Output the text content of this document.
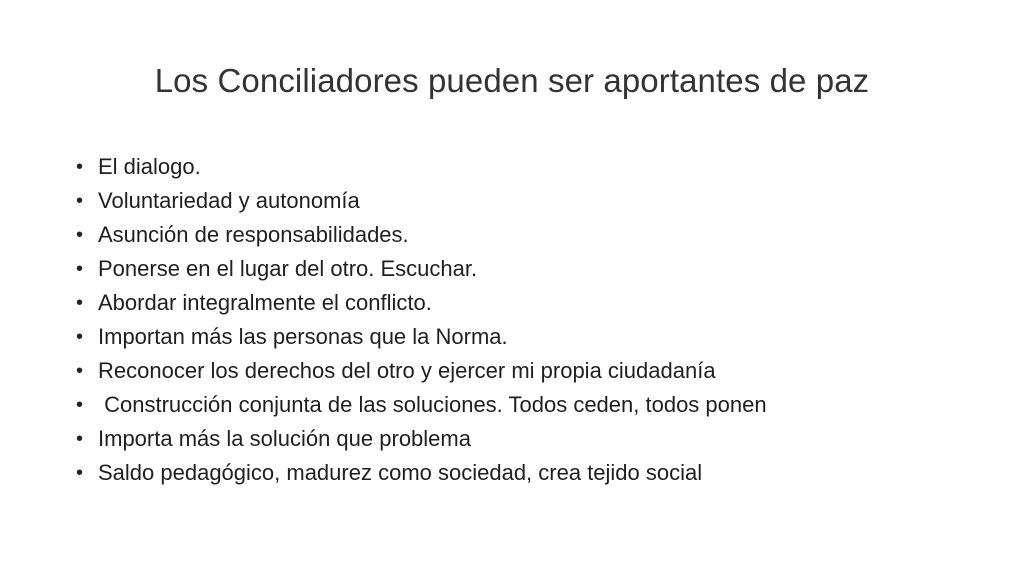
Los Conciliadores pueden ser aportantes de paz
• El dialogo.
• Voluntariedad y autonomía
• Asunción de responsabilidades.
• Ponerse en el lugar del otro. Escuchar.
• Abordar integralmente el conflicto.
• Importan más las personas que la Norma.
• Reconocer los derechos del otro y ejercer mi propia ciudadanía
• Construcción conjunta de las soluciones. Todos ceden, todos ponen
• Importa más la solución que problema
• Saldo pedagógico, madurez como sociedad, crea tejido social
